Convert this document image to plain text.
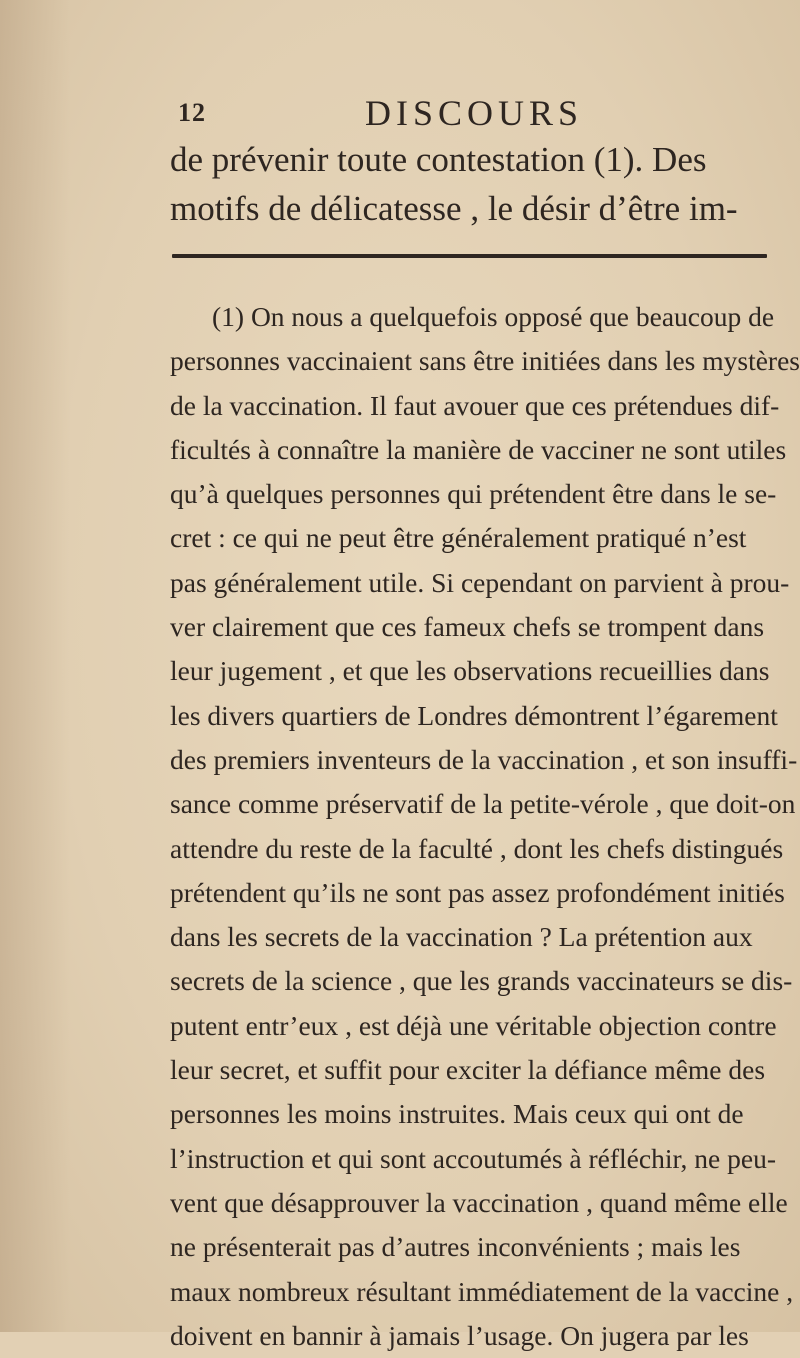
12	DISCOURS
de prévenir toute contestation (1). Des
motifs de délicatesse , le désir d’être im-
(1) On nous a quelquefois opposé que beaucoup de
personnes vaccinaient sans être initiées dans les mystères
de la vaccination. Il faut avouer que ces prétendues dif-
ficultés à connaître la manière de vacciner ne sont utiles
qu’à quelques personnes qui prétendent être dans le se-
cret : ce qui ne peut être généralement pratiqué n’est
pas généralement utile. Si cependant on parvient à prou-
ver clairement que ces fameux chefs se trompent dans
leur jugement , et que les observations recueillies dans
les divers quartiers de Londres démontrent l’égarement
des premiers inventeurs de la vaccination , et son insuffi-
sance comme préservatif de la petite-vérole , que doit-on
attendre du reste de la faculté , dont les chefs distingués
prétendent qu’ils ne sont pas assez profondément initiés
dans les secrets de la vaccination ? La prétention aux
secrets de la science , que les grands vaccinateurs se dis-
putent entr’eux , est déjà une véritable objection contre
leur secret, et suffit pour exciter la défiance même des
personnes les moins instruites. Mais ceux qui ont de
l’instruction et qui sont accoutumés à réfléchir, ne peu-
vent que désapprouver la vaccination , quand même elle
ne présenterait pas d’autres inconvénients ; mais les
maux nombreux résultant immédiatement de la vaccine ,
doivent en bannir à jamais l’usage. On jugera par les
